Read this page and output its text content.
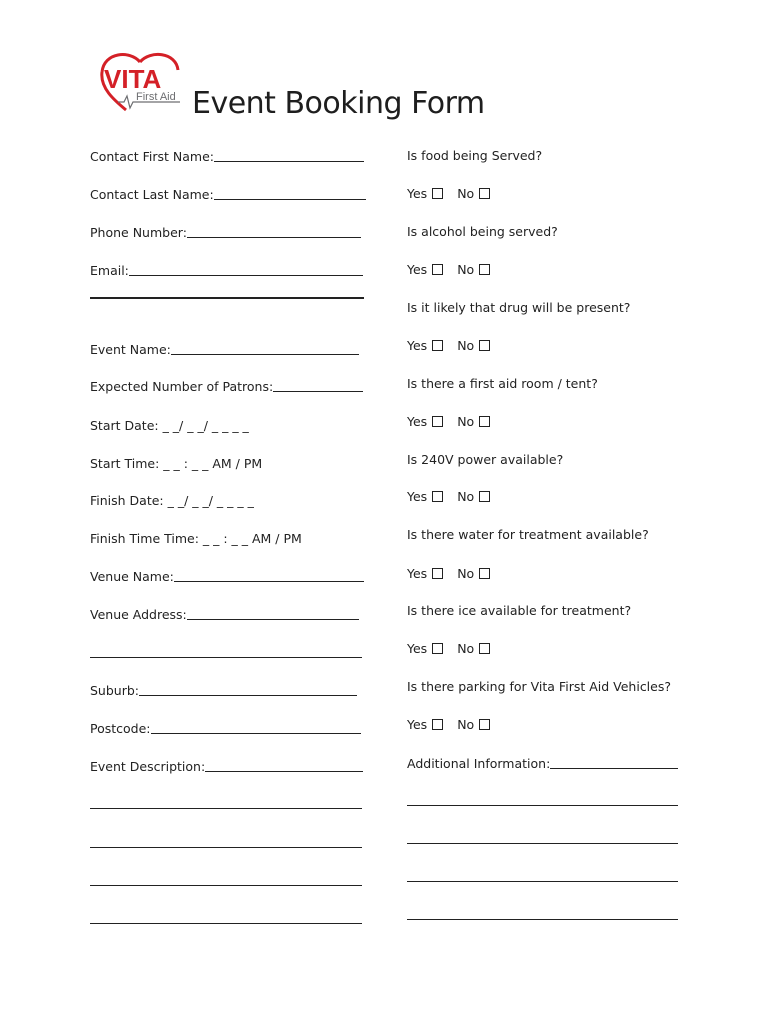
VITA
First Aid Event Booking Form
Contact First Name:
Contact Last Name:
Phone Number:
Email:
Event Name:
Expected Number of Patrons:
Start Date: _ _/ _ _/ _ _ _ _
Start Time: _ _ : _ _ AM / PM
Finish Date: _ _/ _ _/ _ _ _ _
Finish Time Time: _ _ : _ _ AM / PM
Venue Name:
Venue Address:
Suburb:
Postcode:
Event Description:
Is food being Served?
Yes No
Is alcohol being served?
Yes No
Is it likely that drug will be present?
Yes No
Is there a first aid room / tent?
Yes No
Is 240V power available?
Yes No
Is there water for treatment available?
Yes No
Is there ice available for treatment?
Yes No
Is there parking for Vita First Aid Vehicles?
Yes No
Additional Information:
